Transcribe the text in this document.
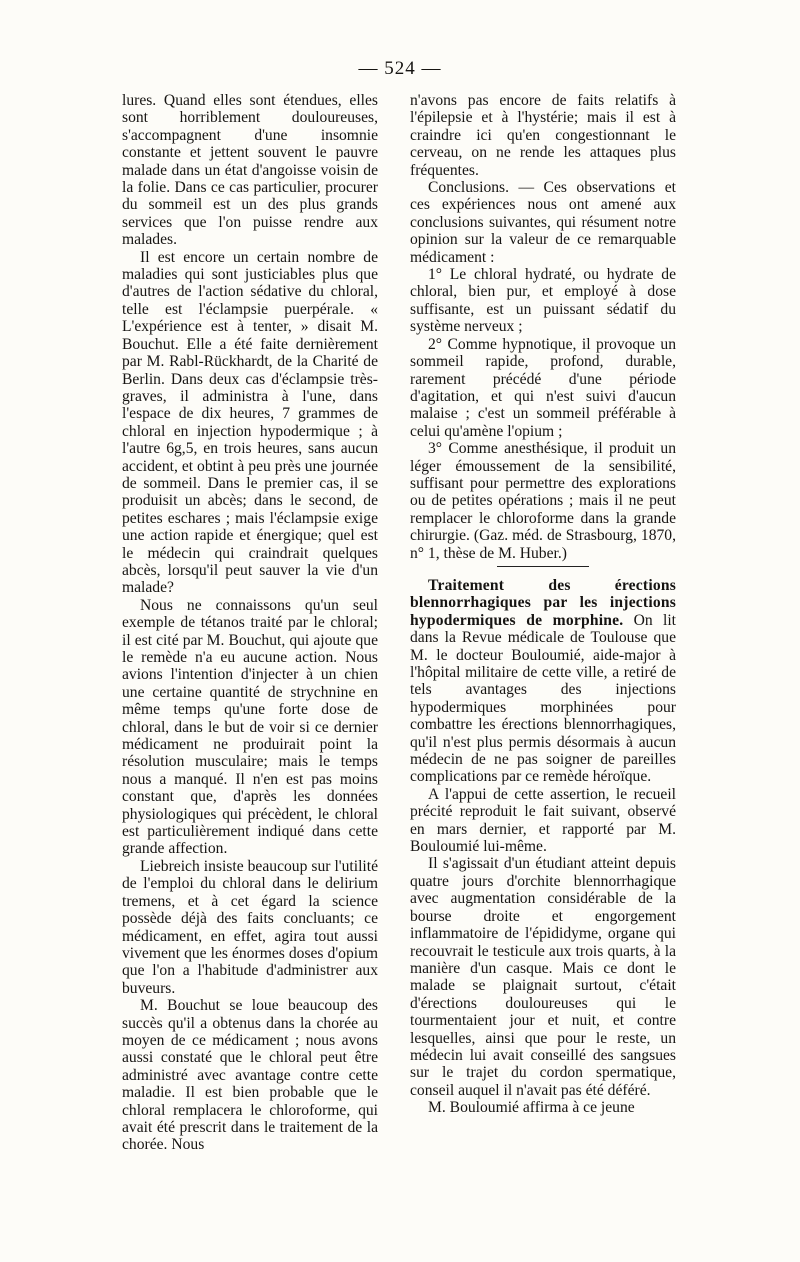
— 524 —

lures. Quand elles sont étendues, elles sont horriblement douloureuses, s'accompagnent d'une insomnie constante et jettent souvent le pauvre malade dans un état d'angoisse voisin de la folie. Dans ce cas particulier, procurer du sommeil est un des plus grands services que l'on puisse rendre aux malades.

Il est encore un certain nombre de maladies qui sont justiciables plus que d'autres de l'action sédative du chloral, telle est l'éclampsie puerpérale. « L'expérience est à tenter, » disait M. Bouchut. Elle a été faite dernièrement par M. Rabl-Rückhardt, de la Charité de Berlin. Dans deux cas d'éclampsie très-graves, il administra à l'une, dans l'espace de dix heures, 7 grammes de chloral en injection hypodermique ; à l'autre 6g,5, en trois heures, sans aucun accident, et obtint à peu près une journée de sommeil. Dans le premier cas, il se produisit un abcès; dans le second, de petites eschares ; mais l'éclampsie exige une action rapide et énergique; quel est le médecin qui craindrait quelques abcès, lorsqu'il peut sauver la vie d'un malade?

Nous ne connaissons qu'un seul exemple de tétanos traité par le chloral; il est cité par M. Bouchut, qui ajoute que le remède n'a eu aucune action. Nous avions l'intention d'injecter à un chien une certaine quantité de strychnine en même temps qu'une forte dose de chloral, dans le but de voir si ce dernier médicament ne produirait point la résolution musculaire; mais le temps nous a manqué. Il n'en est pas moins constant que, d'après les données physiologiques qui précèdent, le chloral est particulièrement indiqué dans cette grande affection.

Liebreich insiste beaucoup sur l'utilité de l'emploi du chloral dans le delirium tremens, et à cet égard la science possède déjà des faits concluants; ce médicament, en effet, agira tout aussi vivement que les énormes doses d'opium que l'on a l'habitude d'administrer aux buveurs.

M. Bouchut se loue beaucoup des succès qu'il a obtenus dans la chorée au moyen de ce médicament ; nous avons aussi constaté que le chloral peut être administré avec avantage contre cette maladie. Il est bien probable que le chloral remplacera le chloroforme, qui avait été prescrit dans le traitement de la chorée. Nous

n'avons pas encore de faits relatifs à l'épilepsie et à l'hystérie; mais il est à craindre ici qu'en congestionnant le cerveau, on ne rende les attaques plus fréquentes.

Conclusions. — Ces observations et ces expériences nous ont amené aux conclusions suivantes, qui résument notre opinion sur la valeur de ce remarquable médicament :

1° Le chloral hydraté, ou hydrate de chloral, bien pur, et employé à dose suffisante, est un puissant sédatif du système nerveux ;

2° Comme hypnotique, il provoque un sommeil rapide, profond, durable, rarement précédé d'une période d'agitation, et qui n'est suivi d'aucun malaise ; c'est un sommeil préférable à celui qu'amène l'opium ;

3° Comme anesthésique, il produit un léger émoussement de la sensibilité, suffisant pour permettre des explorations ou de petites opérations ; mais il ne peut remplacer le chloroforme dans la grande chirurgie. (Gaz. méd. de Strasbourg, 1870, n° 1, thèse de M. Huber.)

Traitement des érections blennorrhagiques par les injections hypodermiques de morphine. On lit dans la Revue médicale de Toulouse que M. le docteur Bouloumié, aide-major à l'hôpital militaire de cette ville, a retiré de tels avantages des injections hypodermiques morphinées pour combattre les érections blennorrhagiques, qu'il n'est plus permis désormais à aucun médecin de ne pas soigner de pareilles complications par ce remède héroïque.

A l'appui de cette assertion, le recueil précité reproduit le fait suivant, observé en mars dernier, et rapporté par M. Bouloumié lui-même.

Il s'agissait d'un étudiant atteint depuis quatre jours d'orchite blennorrhagique avec augmentation considérable de la bourse droite et engorgement inflammatoire de l'épididyme, organe qui recouvrait le testicule aux trois quarts, à la manière d'un casque. Mais ce dont le malade se plaignait surtout, c'était d'érections douloureuses qui le tourmentaient jour et nuit, et contre lesquelles, ainsi que pour le reste, un médecin lui avait conseillé des sangsues sur le trajet du cordon spermatique, conseil auquel il n'avait pas été déféré.

M. Bouloumié affirma à ce jeune
